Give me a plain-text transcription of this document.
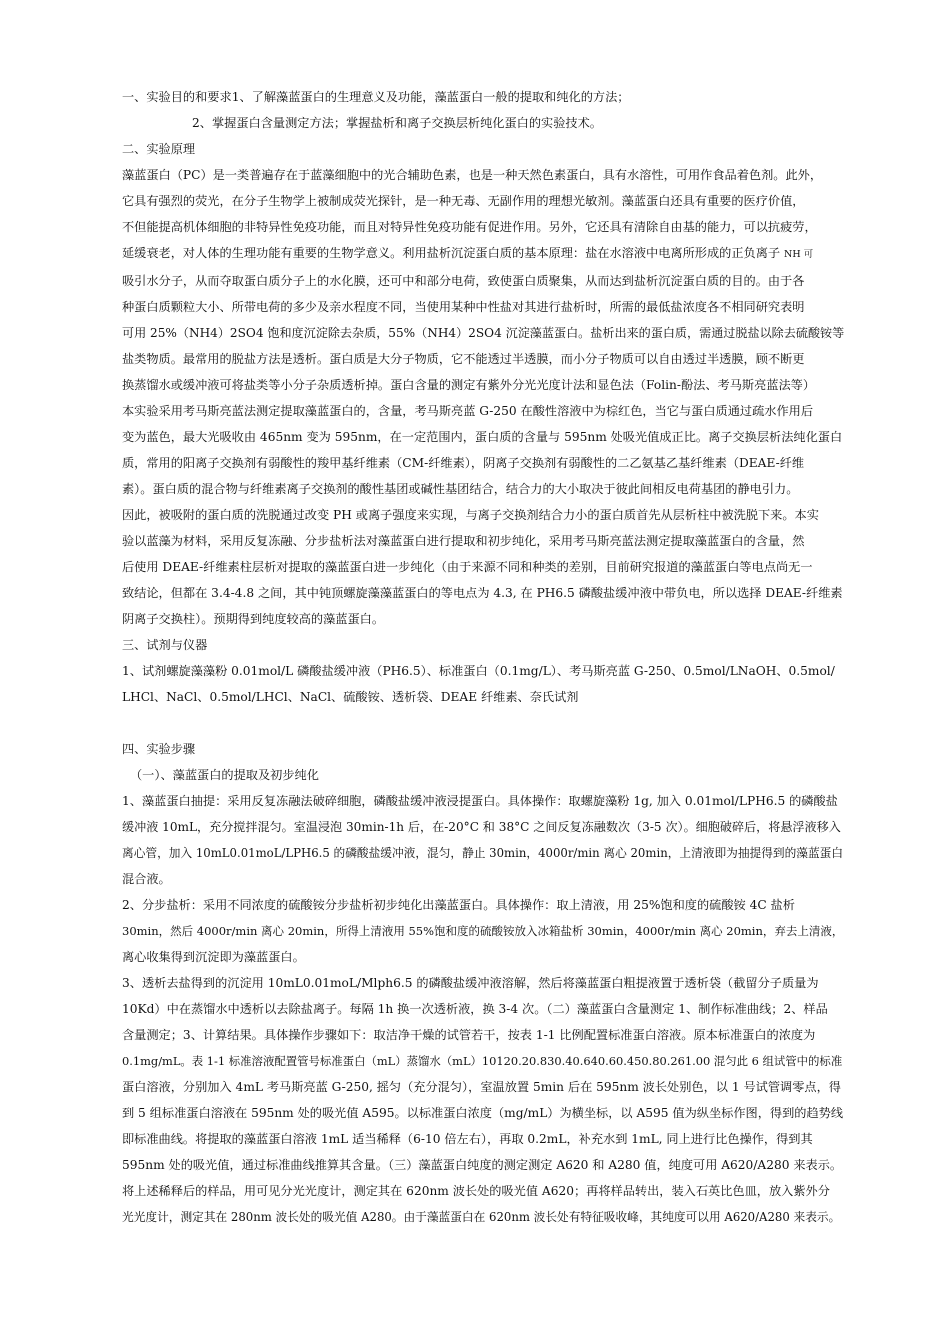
一、实验目的和要求1、了解藻蓝蛋白的生理意义及功能，藻蓝蛋白一般的提取和纯化的方法；
2、掌握蛋白含量测定方法；掌握盐析和离子交换层析纯化蛋白的实验技术。
二、实验原理
藻蓝蛋白（PC）是一类普遍存在于蓝藻细胞中的光合辅助色素，也是一种天然色素蛋白，具有水溶性，可用作食品着色剂。此外，
它具有强烈的荧光，在分子生物学上被制成荧光探针，是一种无毒、无副作用的理想光敏剂。藻蓝蛋白还具有重要的医疗价值，
不但能提高机体细胞的非特异性免疫功能，而且对特异性免疫功能有促进作用。另外，它还具有清除自由基的能力，可以抗疲劳，
延缓衰老，对人体的生理功能有重要的生物学意义。利用盐析沉淀蛋白质的基本原理：盐在水溶液中电离所形成的正负离子 NH 可
吸引水分子，从而夺取蛋白质分子上的水化膜，还可中和部分电荷，致使蛋白质聚集，从而达到盐析沉淀蛋白质的目的。由于各
种蛋白质颗粒大小、所带电荷的多少及亲水程度不同，当使用某种中性盐对其进行盐析时，所需的最低盐浓度各不相同研究表明
可用 25%（NH4）2SO4 饱和度沉淀除去杂质，55%（NH4）2SO4 沉淀藻蓝蛋白。盐析出来的蛋白质，需通过脱盐以除去硫酸铵等
盐类物质。最常用的脱盐方法是透析。蛋白质是大分子物质，它不能透过半透膜，而小分子物质可以自由透过半透膜，顾不断更
换蒸馏水或缓冲液可将盐类等小分子杂质透析掉。蛋白含量的测定有紫外分光光度计法和显色法（Folin-酚法、考马斯亮蓝法等）
本实验采用考马斯亮蓝法测定提取藻蓝蛋白的，含量，考马斯亮蓝 G-250 在酸性溶液中为棕红色，当它与蛋白质通过疏水作用后
变为蓝色，最大光吸收由 465nm 变为 595nm，在一定范围内，蛋白质的含量与 595nm 处吸光值成正比。离子交换层析法纯化蛋白
质，常用的阳离子交换剂有弱酸性的羧甲基纤维素（CM-纤维素），阴离子交换剂有弱酸性的二乙氨基乙基纤维素（DEAE-纤维
素）。蛋白质的混合物与纤维素离子交换剂的酸性基团或碱性基团结合，结合力的大小取决于彼此间相反电荷基团的静电引力。
因此，被吸附的蛋白质的洗脱通过改变 PH 或离子强度来实现，与离子交换剂结合力小的蛋白质首先从层析柱中被洗脱下来。本实
验以蓝藻为材料，采用反复冻融、分步盐析法对藻蓝蛋白进行提取和初步纯化，采用考马斯亮蓝法测定提取藻蓝蛋白的含量，然
后使用 DEAE-纤维素柱层析对提取的藻蓝蛋白进一步纯化（由于来源不同和种类的差别，目前研究报道的藻蓝蛋白等电点尚无一
致结论，但都在 3.4-4.8 之间，其中钝顶螺旋藻藻蓝蛋白的等电点为 4.3, 在 PH6.5 磷酸盐缓冲液中带负电，所以选择 DEAE-纤维素
阴离子交换柱）。预期得到纯度较高的藻蓝蛋白。
三、试剂与仪器
1、试剂螺旋藻藻粉 0.01mol/L 磷酸盐缓冲液（PH6.5）、标准蛋白（0.1mg/L）、考马斯亮蓝 G-250、0.5mol/LNaOH、0.5mol/
LHCl、NaCl、0.5mol/LHCl、NaCl、硫酸铵、透析袋、DEAE 纤维素、奈氏试剂
四、实验步骤
（一）、藻蓝蛋白的提取及初步纯化
1、藻蓝蛋白抽提：采用反复冻融法破碎细胞，磷酸盐缓冲液浸提蛋白。具体操作：取螺旋藻粉 1g, 加入 0.01mol/LPH6.5 的磷酸盐
缓冲液 10mL，充分搅拌混匀。室温浸泡 30min-1h 后，在-20°C 和 38°C 之间反复冻融数次（3-5 次）。细胞破碎后，将悬浮液移入
离心管，加入 10mL0.01moL/LPH6.5 的磷酸盐缓冲液，混匀，静止 30min，4000r/min 离心 20min，上清液即为抽提得到的藻蓝蛋白
混合液。
2、分步盐析：采用不同浓度的硫酸铵分步盐析初步纯化出藻蓝蛋白。具体操作：取上清液，用 25%饱和度的硫酸铵 4C 盐析
30min，然后 4000r/min 离心 20min，所得上清液用 55%饱和度的硫酸铵放入冰箱盐析 30min，4000r/min 离心 20min，弃去上清液，
离心收集得到沉淀即为藻蓝蛋白。
3、透析去盐得到的沉淀用 10mL0.01moL/Mlph6.5 的磷酸盐缓冲液溶解，然后将藻蓝蛋白粗提液置于透析袋（截留分子质量为
10Kd）中在蒸馏水中透析以去除盐离子。每隔 1h 换一次透析液，换 3-4 次。（二）藻蓝蛋白含量测定 1、制作标准曲线；2、样品
含量测定；3、计算结果。具体操作步骤如下：取洁净干燥的试管若干，按表 1-1 比例配置标准蛋白溶液。原本标准蛋白的浓度为
0.1mg/mL。表 1-1 标准溶液配置管号标准蛋白（mL）蒸馏水（mL）10120.20.830.40.640.60.450.80.261.00 混匀此 6 组试管中的标准
蛋白溶液，分别加入 4mL 考马斯亮蓝 G-250, 摇匀（充分混匀），室温放置 5min 后在 595nm 波长处别色，以 1 号试管调零点，得
到 5 组标准蛋白溶液在 595nm 处的吸光值 A595。以标准蛋白浓度（mg/mL）为横坐标，以 A595 值为纵坐标作图，得到的趋势线
即标准曲线。将提取的藻蓝蛋白溶液 1mL 适当稀释（6-10 倍左右），再取 0.2mL，补充水到 1mL, 同上进行比色操作，得到其
595nm 处的吸光值，通过标准曲线推算其含量。（三）藻蓝蛋白纯度的测定测定 A620 和 A280 值，纯度可用 A620/A280 来表示。
将上述稀释后的样品，用可见分光光度计，测定其在 620nm 波长处的吸光值 A620；再将样品转出，装入石英比色皿，放入紫外分
光光度计，测定其在 280nm 波长处的吸光值 A280。由于藻蓝蛋白在 620nm 波长处有特征吸收峰，其纯度可以用 A620/A280 来表示。
